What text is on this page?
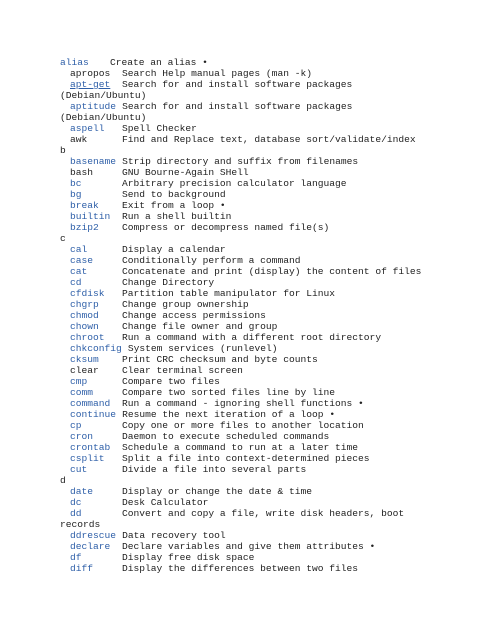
alias Create an alias •
apropos Search Help manual pages (man -k)
apt-get Search for and install software packages
(Debian/Ubuntu)
aptitude Search for and install software packages
(Debian/Ubuntu)
aspell Spell Checker
awk	Find and Replace text, database sort/validate/index
b
basename Strip directory and suffix from filenames
bash	GNU Bourne-Again SHell
bc	Arbitrary precision calculator language
bg	Send to background
break Exit from a loop •
builtin Run a shell builtin
bzip2 Compress or decompress named file(s)
c
cal	Display a calendar
case	Conditionally perform a command
cat	Concatenate and print (display) the content of files
cd	Change Directory
cfdisk Partition table manipulator for Linux
chgrp Change group ownership
chmod Change access permissions
chown Change file owner and group
chroot Run a command with a different root directory
chkconfig System services (runlevel)
cksum Print CRC checksum and byte counts
clear Clear terminal screen
cmp	Compare two files
comm	Compare two sorted files line by line
command Run a command - ignoring shell functions •
continue Resume the next iteration of a loop •
cp	Copy one or more files to another location
cron	Daemon to execute scheduled commands
crontab Schedule a command to run at a later time
csplit Split a file into context-determined pieces
cut	Divide a file into several parts
d
date	Display or change the date & time
dc	Desk Calculator
dd	Convert and copy a file, write disk headers, boot
records
ddrescue Data recovery tool
declare Declare variables and give them attributes •
df	Display free disk space
diff	Display the differences between two files
